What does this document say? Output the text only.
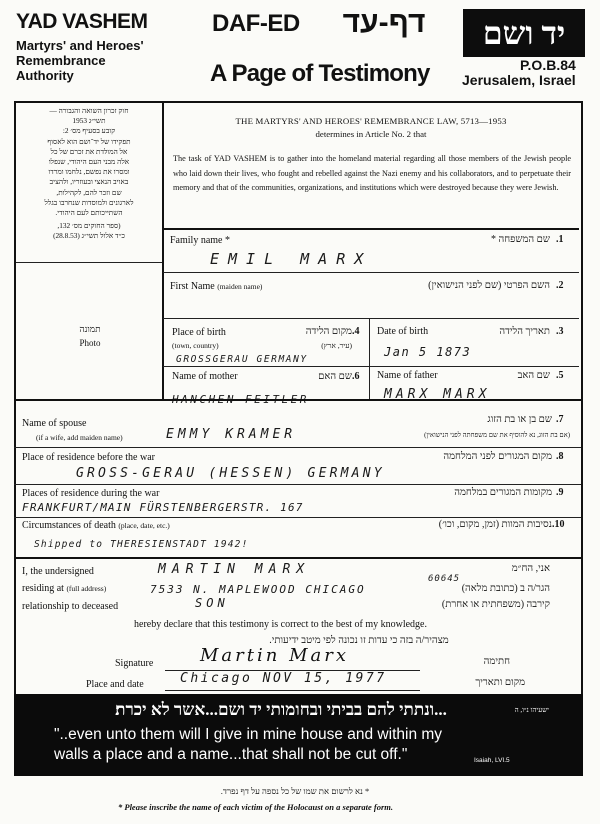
YAD VASHEM
Martyrs' and Heroes'
Remembrance
Authority
DAF-ED דף-עד
A Page of Testimony
יד ושם
P.O.B.84
Jerusalem, Israel
חוק זכרון השואה והגבורה —
תשי״ג 1953
קובע בסעיף מס׳ 2:
תפקידו של יד־ושם הוא לאסוף
אל המולדת את זכרם של כל
אלה מבני העם היהודי, שנפלו
ומסרו את נפשם, נלחמו ומרדו
באויב הנאצי ובעוזריו, ולהציב
שם וזכר להם, לקהילות,
לארגונים ולמוסדות שנחרבו בגלל
השתייכותם לעם היהודי.
(ספר החוקים מס׳ 132,
כ״ד אלול תשי״ג (28.8.53)
תמונה
Photo
THE MARTYRS' AND HEROES' REMEMBRANCE LAW, 5713—1953
determines in Article No. 2 that
The task of YAD VASHEM is to gather into the homeland material regarding all those members of the Jewish people who laid down their lives, who fought and rebelled against the Nazi enemy and his collaborators, and to perpetuate their memory and that of the communities, organizations, and institutions which were destroyed because they were Jewish.
Family name *	שם המשפחה * .1
EMIL MARX
First Name (maiden name)	השם הפרטי (שם לפני הנישואין) .2
Place of birth
(town, country)
מקום הלידה
(עיר, ארץ)
.4
GROSSGERAU GERMANY
Date of birth	תאריך הלידה .3
Jan 5 1873
Name of mother	שם האם .6
HANCHEN FEITLER
Name of father	שם האב .5
MARX MARX
Name of spouse
(if a wife, add maiden name)
שם בן או בת הזוג
(אם בת הזוג, נא להוסיף את שם משפחתה לפני הנישואין)
.7
EMMY KRAMER
Place of residence before the war	מקום המגורים לפני המלחמה .8
GROSS-GERAU (HESSEN) GERMANY
Places of residence during the war	מקומות המגורים במלחמה .9
FRANKFURT/MAIN FÜRSTENBERGERSTR. 167
Circumstances of death (place, date, etc.)	נסיבות המוות (זמן, מקום, וכו׳) .10
Shipped to THERESIENSTADT 1942!
I, the undersigned	MARTIN MARX	אני, הח״מ
residing at (full address)	7533 N. MAPLEWOOD CHICAGO
60645
הגר/ה ב (כתובת מלאה)
relationship to deceased	SON	קירבה (משפחתית או אחרת)
hereby declare that this testimony is correct to the best of my knowledge.
מצהיר/ה בזה כי עדות זו נכונה לפי מיטב ידיעותי.
Signature	Martin Marx	חתימה
Place and date	Chicago NOV 15, 1977	מקום ותאריך
...ונתתי להם בביתי ובחומותי יד ושם...אשר לא יכרת׃	ישעיהו נ״ו, ה
"..even unto them will I give in mine house and within my
walls a place and a name...that shall not be cut off."	Isaiah, LVI.5
* נא לרשום את שמו של כל נספה על דף נפרד.
* Please inscribe the name of each victim of the Holocaust on a separate form.
